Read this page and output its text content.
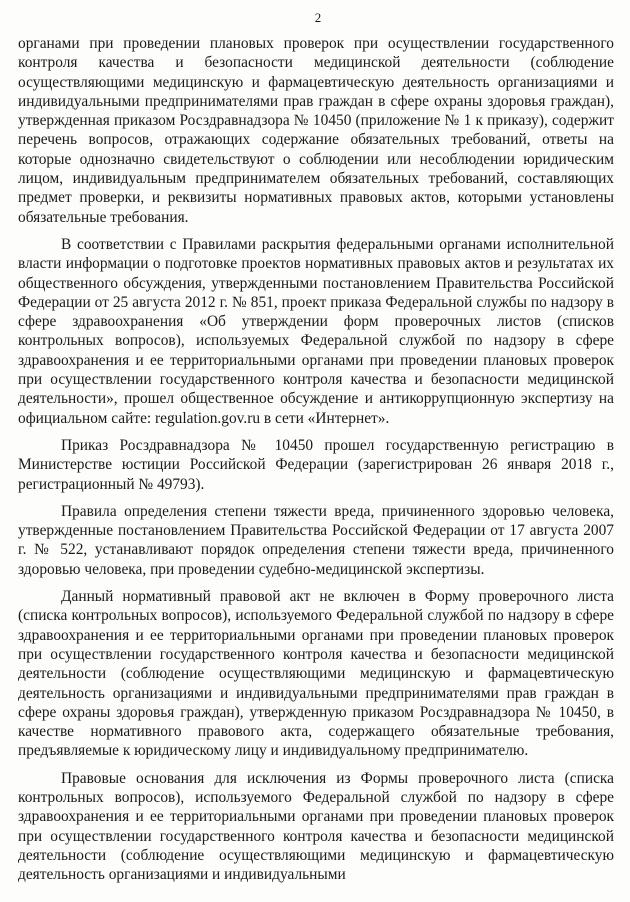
2

органами при проведении плановых проверок при осуществлении государственного контроля качества и безопасности медицинской деятельности (соблюдение осуществляющими медицинскую и фармацевтическую деятельность организациями и индивидуальными предпринимателями прав граждан в сфере охраны здоровья граждан), утвержденная приказом Росздравнадзора № 10450 (приложение № 1 к приказу), содержит перечень вопросов, отражающих содержание обязательных требований, ответы на которые однозначно свидетельствуют о соблюдении или несоблюдении юридическим лицом, индивидуальным предпринимателем обязательных требований, составляющих предмет проверки, и реквизиты нормативных правовых актов, которыми установлены обязательные требования.

В соответствии с Правилами раскрытия федеральными органами исполнительной власти информации о подготовке проектов нормативных правовых актов и результатах их общественного обсуждения, утвержденными постановлением Правительства Российской Федерации от 25 августа 2012 г. № 851, проект приказа Федеральной службы по надзору в сфере здравоохранения «Об утверждении форм проверочных листов (списков контрольных вопросов), используемых Федеральной службой по надзору в сфере здравоохранения и ее территориальными органами при проведении плановых проверок при осуществлении государственного контроля качества и безопасности медицинской деятельности», прошел общественное обсуждение и антикоррупционную экспертизу на официальном сайте: regulation.gov.ru в сети «Интернет».

Приказ Росздравнадзора № 10450 прошел государственную регистрацию в Министерстве юстиции Российской Федерации (зарегистрирован 26 января 2018 г., регистрационный № 49793).

Правила определения степени тяжести вреда, причиненного здоровью человека, утвержденные постановлением Правительства Российской Федерации от 17 августа 2007 г. № 522, устанавливают порядок определения степени тяжести вреда, причиненного здоровью человека, при проведении судебно-медицинской экспертизы.

Данный нормативный правовой акт не включен в Форму проверочного листа (списка контрольных вопросов), используемого Федеральной службой по надзору в сфере здравоохранения и ее территориальными органами при проведении плановых проверок при осуществлении государственного контроля качества и безопасности медицинской деятельности (соблюдение осуществляющими медицинскую и фармацевтическую деятельность организациями и индивидуальными предпринимателями прав граждан в сфере охраны здоровья граждан), утвержденную приказом Росздравнадзора № 10450, в качестве нормативного правового акта, содержащего обязательные требования, предъявляемые к юридическому лицу и индивидуальному предпринимателю.

Правовые основания для исключения из Формы проверочного листа (списка контрольных вопросов), используемого Федеральной службой по надзору в сфере здравоохранения и ее территориальными органами при проведении плановых проверок при осуществлении государственного контроля качества и безопасности медицинской деятельности (соблюдение осуществляющими медицинскую и фармацевтическую деятельность организациями и индивидуальными
